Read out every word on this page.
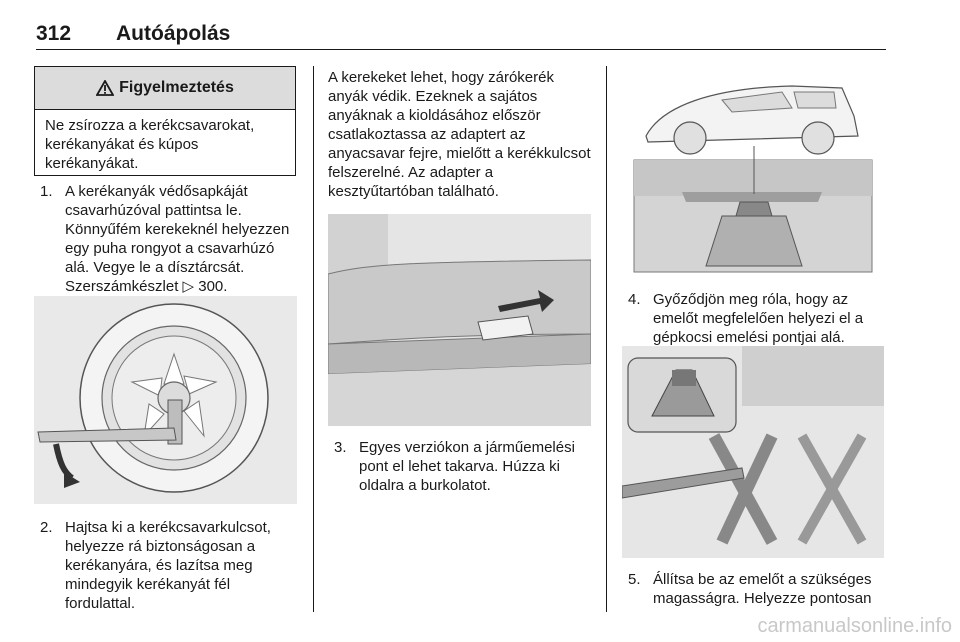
312 Autóápolás
Figyelmeztetés
Ne zsírozza a kerékcsavarokat, kerékanyákat és kúpos kerékanyákat.
1. A kerékanyák védősapkáját csavarhúzóval pattintsa le. Könnyűfém kerekeknél helyezzen egy puha rongyot a csavarhúzó alá. Vegye le a dísztárcsát. Szerszámkészlet ▷ 300.
2. Hajtsa ki a kerékcsavarkulcsot, helyezze rá biztonságosan a kerékanyára, és lazítsa meg mindegyik kerékanyát fél fordulattal.
A kerekeket lehet, hogy zárókerék anyák védik. Ezeknek a sajátos anyáknak a kioldásához először csatlakoztassa az adaptert az anyacsavar fejre, mielőtt a kerékkulcsot felszerelné. Az adapter a kesztyűtartóban található.
3. Egyes verziókon a járműemelési pont el lehet takarva. Húzza ki oldalra a burkolatot.
4. Győződjön meg róla, hogy az emelőt megfelelően helyezi el a gépkocsi emelési pontjai alá.
5. Állítsa be az emelőt a szükséges magasságra. Helyezze pontosan
carmanualsonline.info
